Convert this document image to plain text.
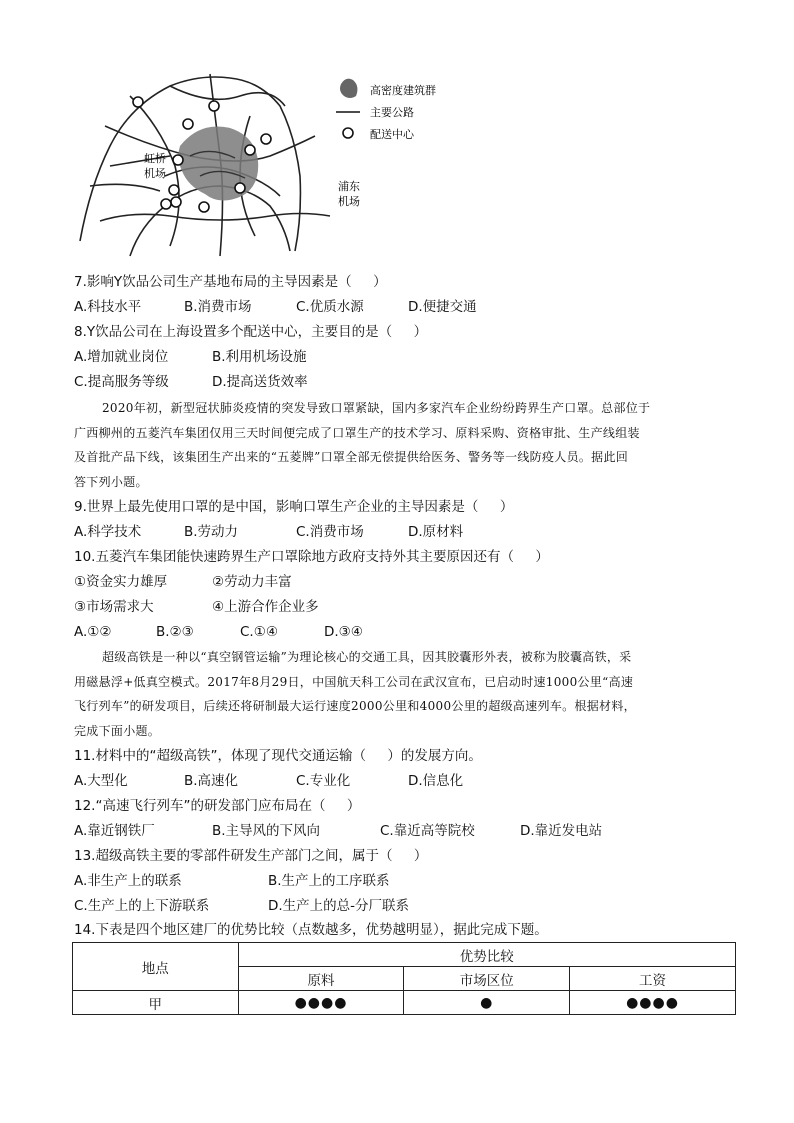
虹桥
机场
浦东
机场
高密度建筑群
主要公路
配送中心
7.影响Y饮品公司生产基地布局的主导因素是（     ）
A.科技水平	B.消费市场	C.优质水源	D.便捷交通
8.Y饮品公司在上海设置多个配送中心，主要目的是（     ）
A.增加就业岗位	B.利用机场设施
C.提高服务等级	D.提高送货效率
2020年初，新型冠状肺炎疫情的突发导致口罩紧缺，国内多家汽车企业纷纷跨界生产口罩。总部位于
广西柳州的五菱汽车集团仅用三天时间便完成了口罩生产的技术学习、原料采购、资格审批、生产线组装
及首批产品下线，该集团生产出来的“五菱牌”口罩全部无偿提供给医务、警务等一线防疫人员。据此回
答下列小题。
9.世界上最先使用口罩的是中国，影响口罩生产企业的主导因素是（     ）
A.科学技术	B.劳动力	C.消费市场	D.原材料
10.五菱汽车集团能快速跨界生产口罩除地方政府支持外其主要原因还有（     ）
①资金实力雄厚	②劳动力丰富
③市场需求大	④上游合作企业多
A.①②	B.②③	C.①④	D.③④
超级高铁是一种以“真空钢管运输”为理论核心的交通工具，因其胶囊形外表，被称为胶囊高铁，采
用磁悬浮+低真空模式。2017年8月29日，中国航天科工公司在武汉宣布，已启动时速1000公里“高速
飞行列车”的研发项目，后续还将研制最大运行速度2000公里和4000公里的超级高速列车。根据材料，
完成下面小题。
11.材料中的“超级高铁”，体现了现代交通运输（     ）的发展方向。
A.大型化	B.高速化	C.专业化	D.信息化
12.“高速飞行列车”的研发部门应布局在（     ）
A.靠近钢铁厂	B.主导风的下风向	C.靠近高等院校	D.靠近发电站
13.超级高铁主要的零部件研发生产部门之间，属于（     ）
A.非生产上的联系	B.生产上的工序联系
C.生产上的上下游联系	D.生产上的总-分厂联系
14.下表是四个地区建厂的优势比较（点数越多，优势越明显），据此完成下题。
地点	优势比较		
	原料	市场区位	工资
甲	●●●●	●	●●●●
